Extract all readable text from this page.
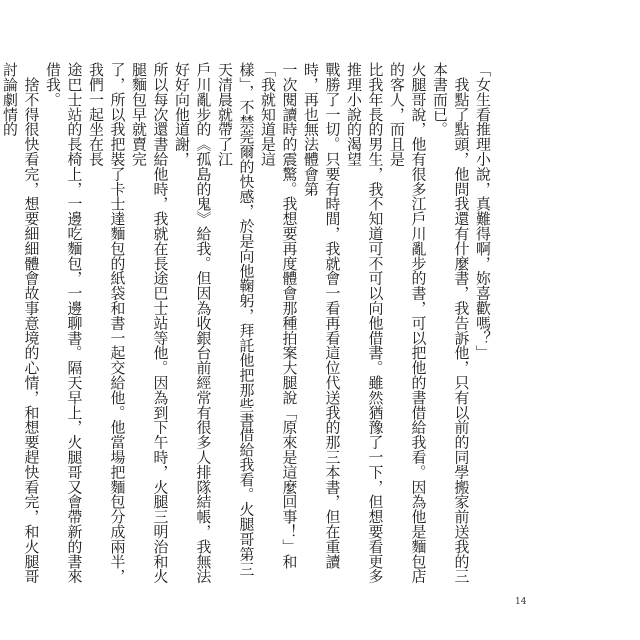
「女生看推理小說，真難得啊，妳喜歡嗎？」

　我點了點頭，他問我還有什麼書，我告訴他，只有以前的同學搬家前送我的三本書而已。

火腿哥說，他有很多江戶川亂步的書，可以把他的書借給我看。因為他是麵包店的客人，而且是

比我年長的男生，我不知道可不可以向他借書。雖然猶豫了一下，但想要看更多推理小說的渴望

戰勝了一切。只要有時間，我就會一看再看這位代送我的那三本書，但在重讀時，再也無法體會第

一次閱讀時的震驚。我想要再度體會那種拍案大腿說「原來是這麼回事！」和「我就知道是這

樣」，不禁莞爾的快感，於是向他鞠躬，拜託他把那些書借給我看。火腿哥第三天清晨就帶了江

戶川亂步的《孤島的鬼》給我。但因為收銀台前經常有很多人排隊結帳，我無法好好向他道謝，

所以每次還書給他時，我就在長途巴士站等他。因為到下午時，火腿三明治和火腿麵包早就賣完

了，所以我把裝了卡士達麵包的紙袋和書一起交給他。他當場把麵包分成兩半，我們一起坐在長

途巴士站的長椅上，一邊吃麵包，一邊聊書。隔天早上，火腿哥又會帶新的書來借我。

　捨不得很快看完，想要細細體會故事意境的心情，和想要趕快看完，和火腿哥討論劇情的

14
